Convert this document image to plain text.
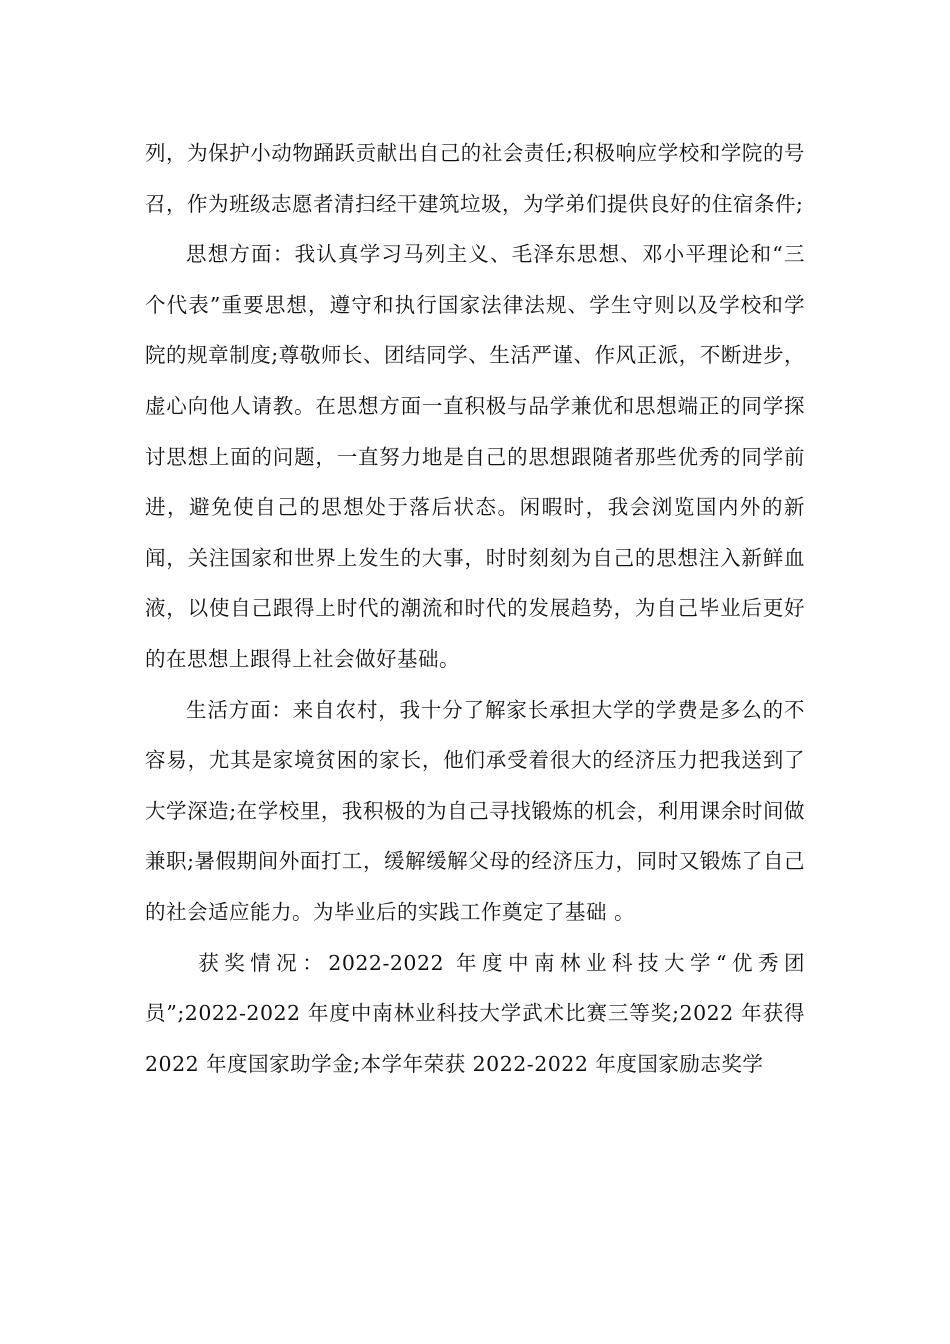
列，为保护小动物踊跃贡献出自己的社会责任;积极响应学校和学院的号召，作为班级志愿者清扫经干建筑垃圾，为学弟们提供良好的住宿条件;

思想方面：我认真学习马列主义、毛泽东思想、邓小平理论和“三个代表”重要思想，遵守和执行国家法律法规、学生守则以及学校和学院的规章制度;尊敬师长、团结同学、生活严谨、作风正派，不断进步，虚心向他人请教。在思想方面一直积极与品学兼优和思想端正的同学探讨思想上面的问题，一直努力地是自己的思想跟随者那些优秀的同学前进，避免使自己的思想处于落后状态。闲暇时，我会浏览国内外的新闻，关注国家和世界上发生的大事，时时刻刻为自己的思想注入新鲜血液，以使自己跟得上时代的潮流和时代的发展趋势，为自己毕业后更好的在思想上跟得上社会做好基础。

生活方面：来自农村，我十分了解家长承担大学的学费是多么的不容易，尤其是家境贫困的家长，他们承受着很大的经济压力把我送到了大学深造;在学校里，我积极的为自己寻找锻炼的机会，利用课余时间做兼职;暑假期间外面打工，缓解缓解父母的经济压力，同时又锻炼了自己的社会适应能力。为毕业后的实践工作奠定了基础 。

获奖情况：2022-2022 年度中南林业科技大学“优秀团员”;2022-2022 年度中南林业科技大学武术比赛三等奖;2022 年获得 2022 年度国家助学金;本学年荣获 2022-2022 年度国家励志奖学
